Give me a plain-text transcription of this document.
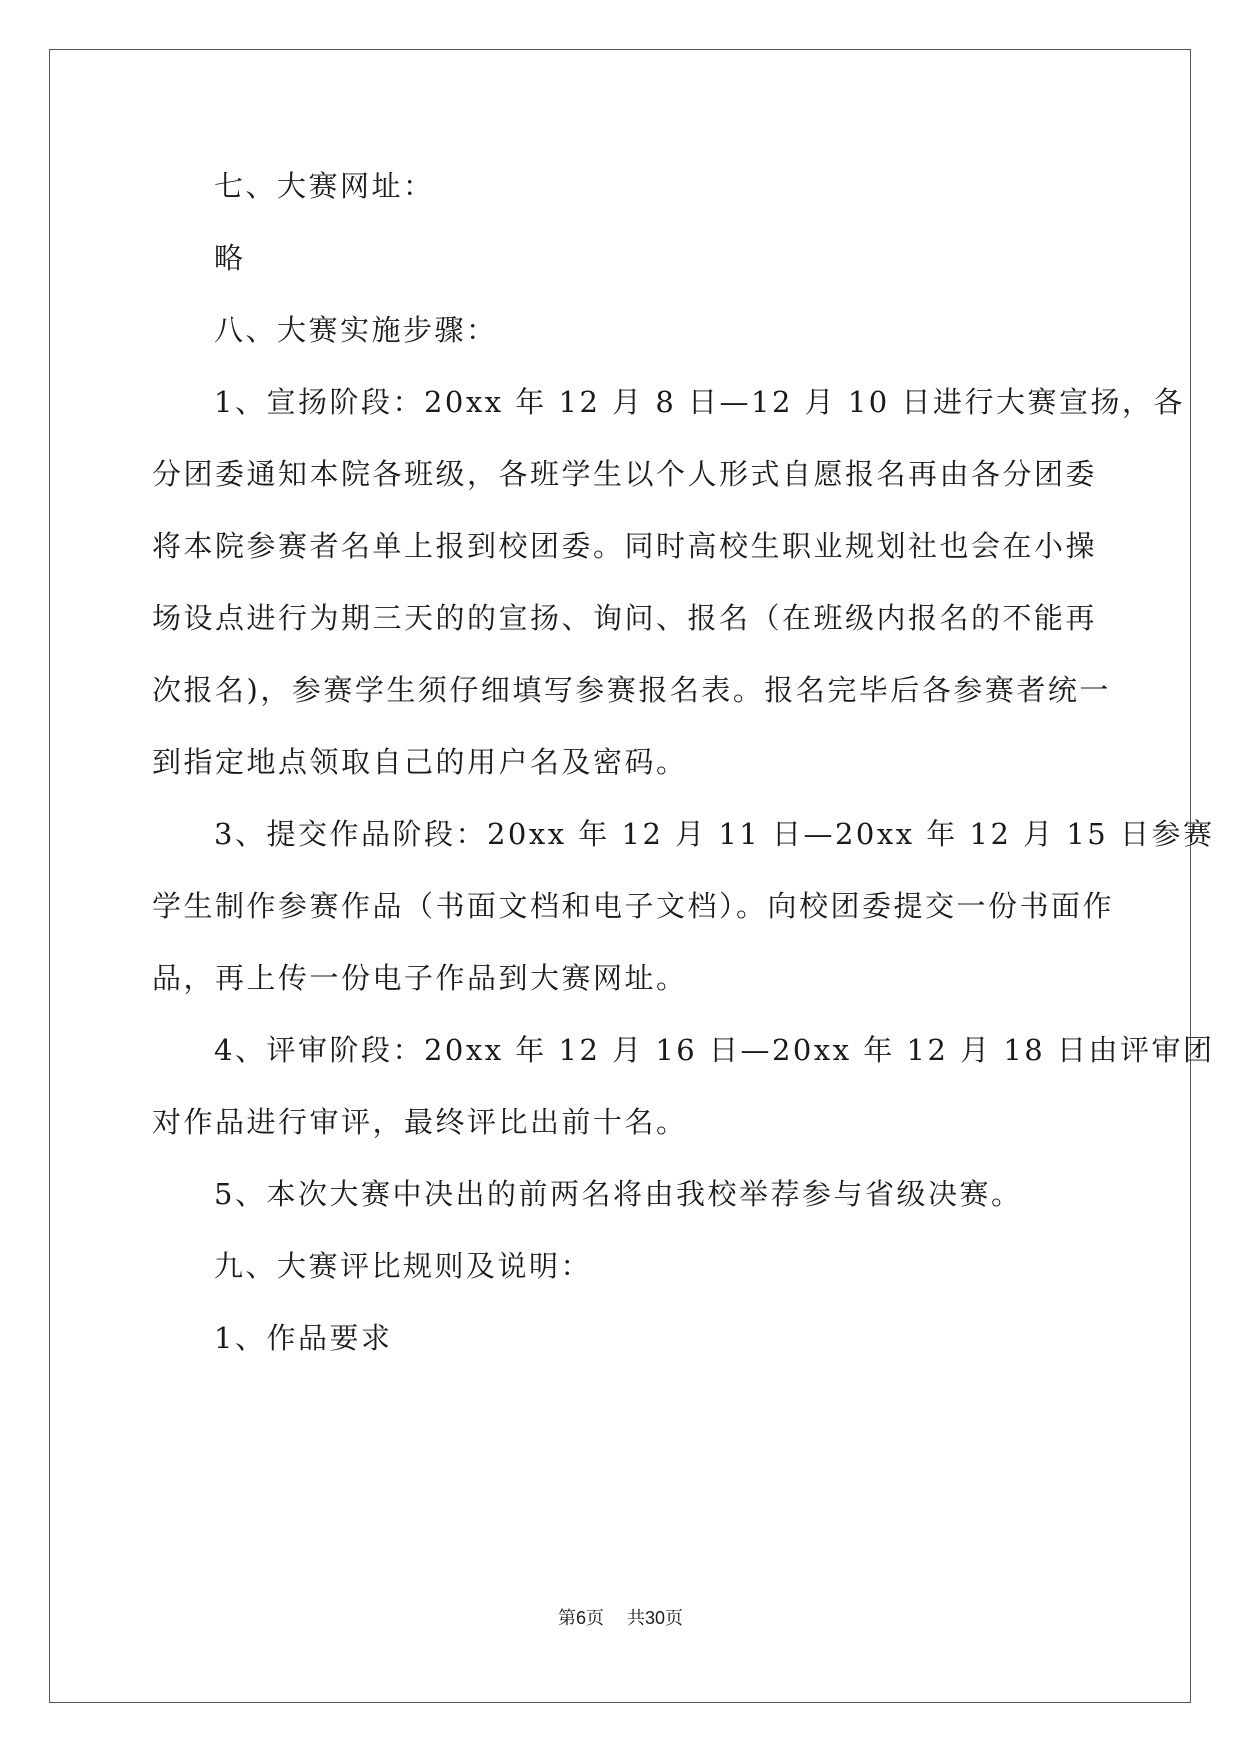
七、大赛网址：
略
八、大赛实施步骤：
1、宣扬阶段：20xx 年 12 月 8 日—12 月 10 日进行大赛宣扬，各
分团委通知本院各班级，各班学生以个人形式自愿报名再由各分团委
将本院参赛者名单上报到校团委。同时高校生职业规划社也会在小操
场设点进行为期三天的的宣扬、询问、报名（在班级内报名的不能再
次报名)，参赛学生须仔细填写参赛报名表。报名完毕后各参赛者统一
到指定地点领取自己的用户名及密码。
3、提交作品阶段：20xx 年 12 月 11 日—20xx 年 12 月 15 日参赛
学生制作参赛作品（书面文档和电子文档）。向校团委提交一份书面作
品，再上传一份电子作品到大赛网址。
4、评审阶段：20xx 年 12 月 16 日—20xx 年 12 月 18 日由评审团
对作品进行审评，最终评比出前十名。
5、本次大赛中决出的前两名将由我校举荐参与省级决赛。
九、大赛评比规则及说明：
1、作品要求
第6页 共30页
